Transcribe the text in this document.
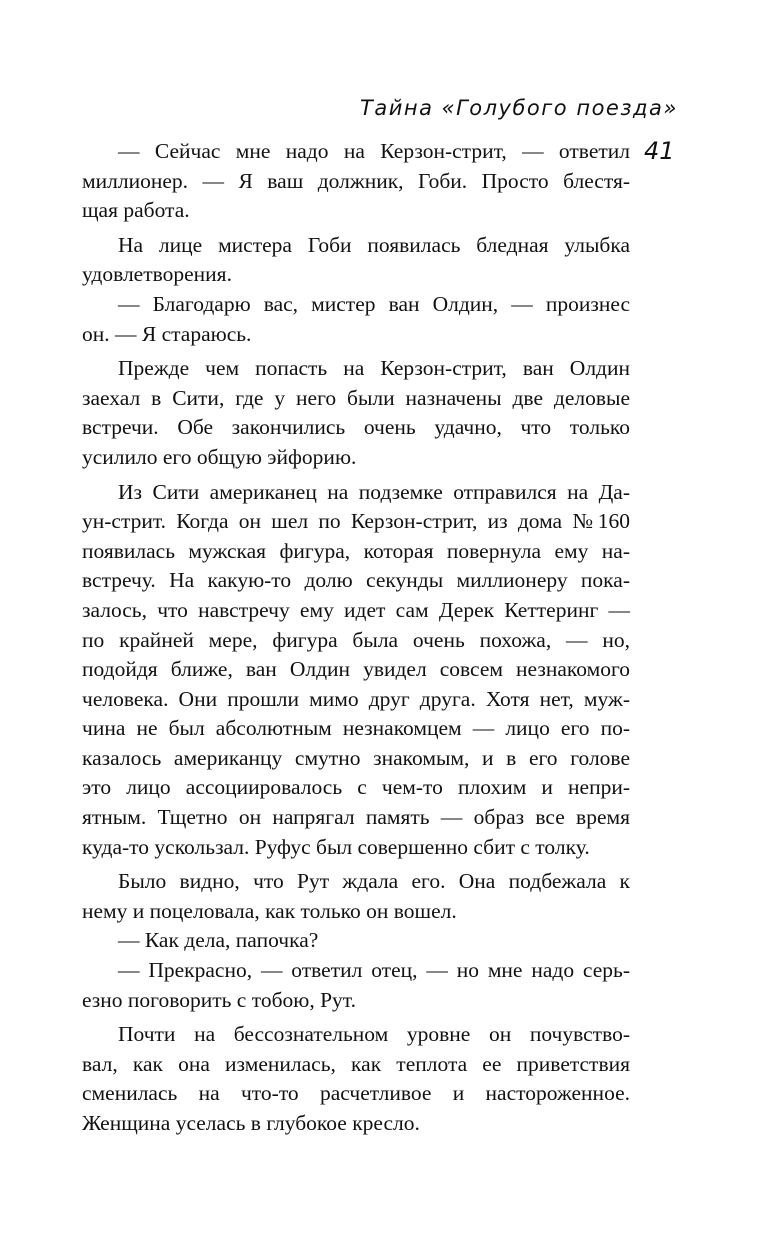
Тайна «Голубого поезда»
41
— Сейчас мне надо на Керзон-стрит, — ответил
миллионер. — Я ваш должник, Гоби. Просто блестя-
щая работа.
На лице мистера Гоби появилась бледная улыбка
удовлетворения.
— Благодарю вас, мистер ван Олдин, — произнес
он. — Я стараюсь.
Прежде чем попасть на Керзон-стрит, ван Олдин
заехал в Сити, где у него были назначены две деловые
встречи. Обе закончились очень удачно, что только
усилило его общую эйфорию.
Из Сити американец на подземке отправился на Да-
ун-стрит. Когда он шел по Керзон-стрит, из дома №160
появилась мужская фигура, которая повернула ему на-
встречу. На какую-то долю секунды миллионеру пока-
залось, что навстречу ему идет сам Дерек Кеттеринг —
по крайней мере, фигура была очень похожа, — но,
подойдя ближе, ван Олдин увидел совсем незнакомого
человека. Они прошли мимо друг друга. Хотя нет, муж-
чина не был абсолютным незнакомцем — лицо его по-
казалось американцу смутно знакомым, и в его голове
это лицо ассоциировалось с чем-то плохим и непри-
ятным. Тщетно он напрягал память — образ все время
куда-то ускользал. Руфус был совершенно сбит с толку.
Было видно, что Рут ждала его. Она подбежала к
нему и поцеловала, как только он вошел.
— Как дела, папочка?
— Прекрасно, — ответил отец, — но мне надо серь-
езно поговорить с тобою, Рут.
Почти на бессознательном уровне он почувство-
вал, как она изменилась, как теплота ее приветствия
сменилась на что-то расчетливое и настороженное.
Женщина уселась в глубокое кресло.
